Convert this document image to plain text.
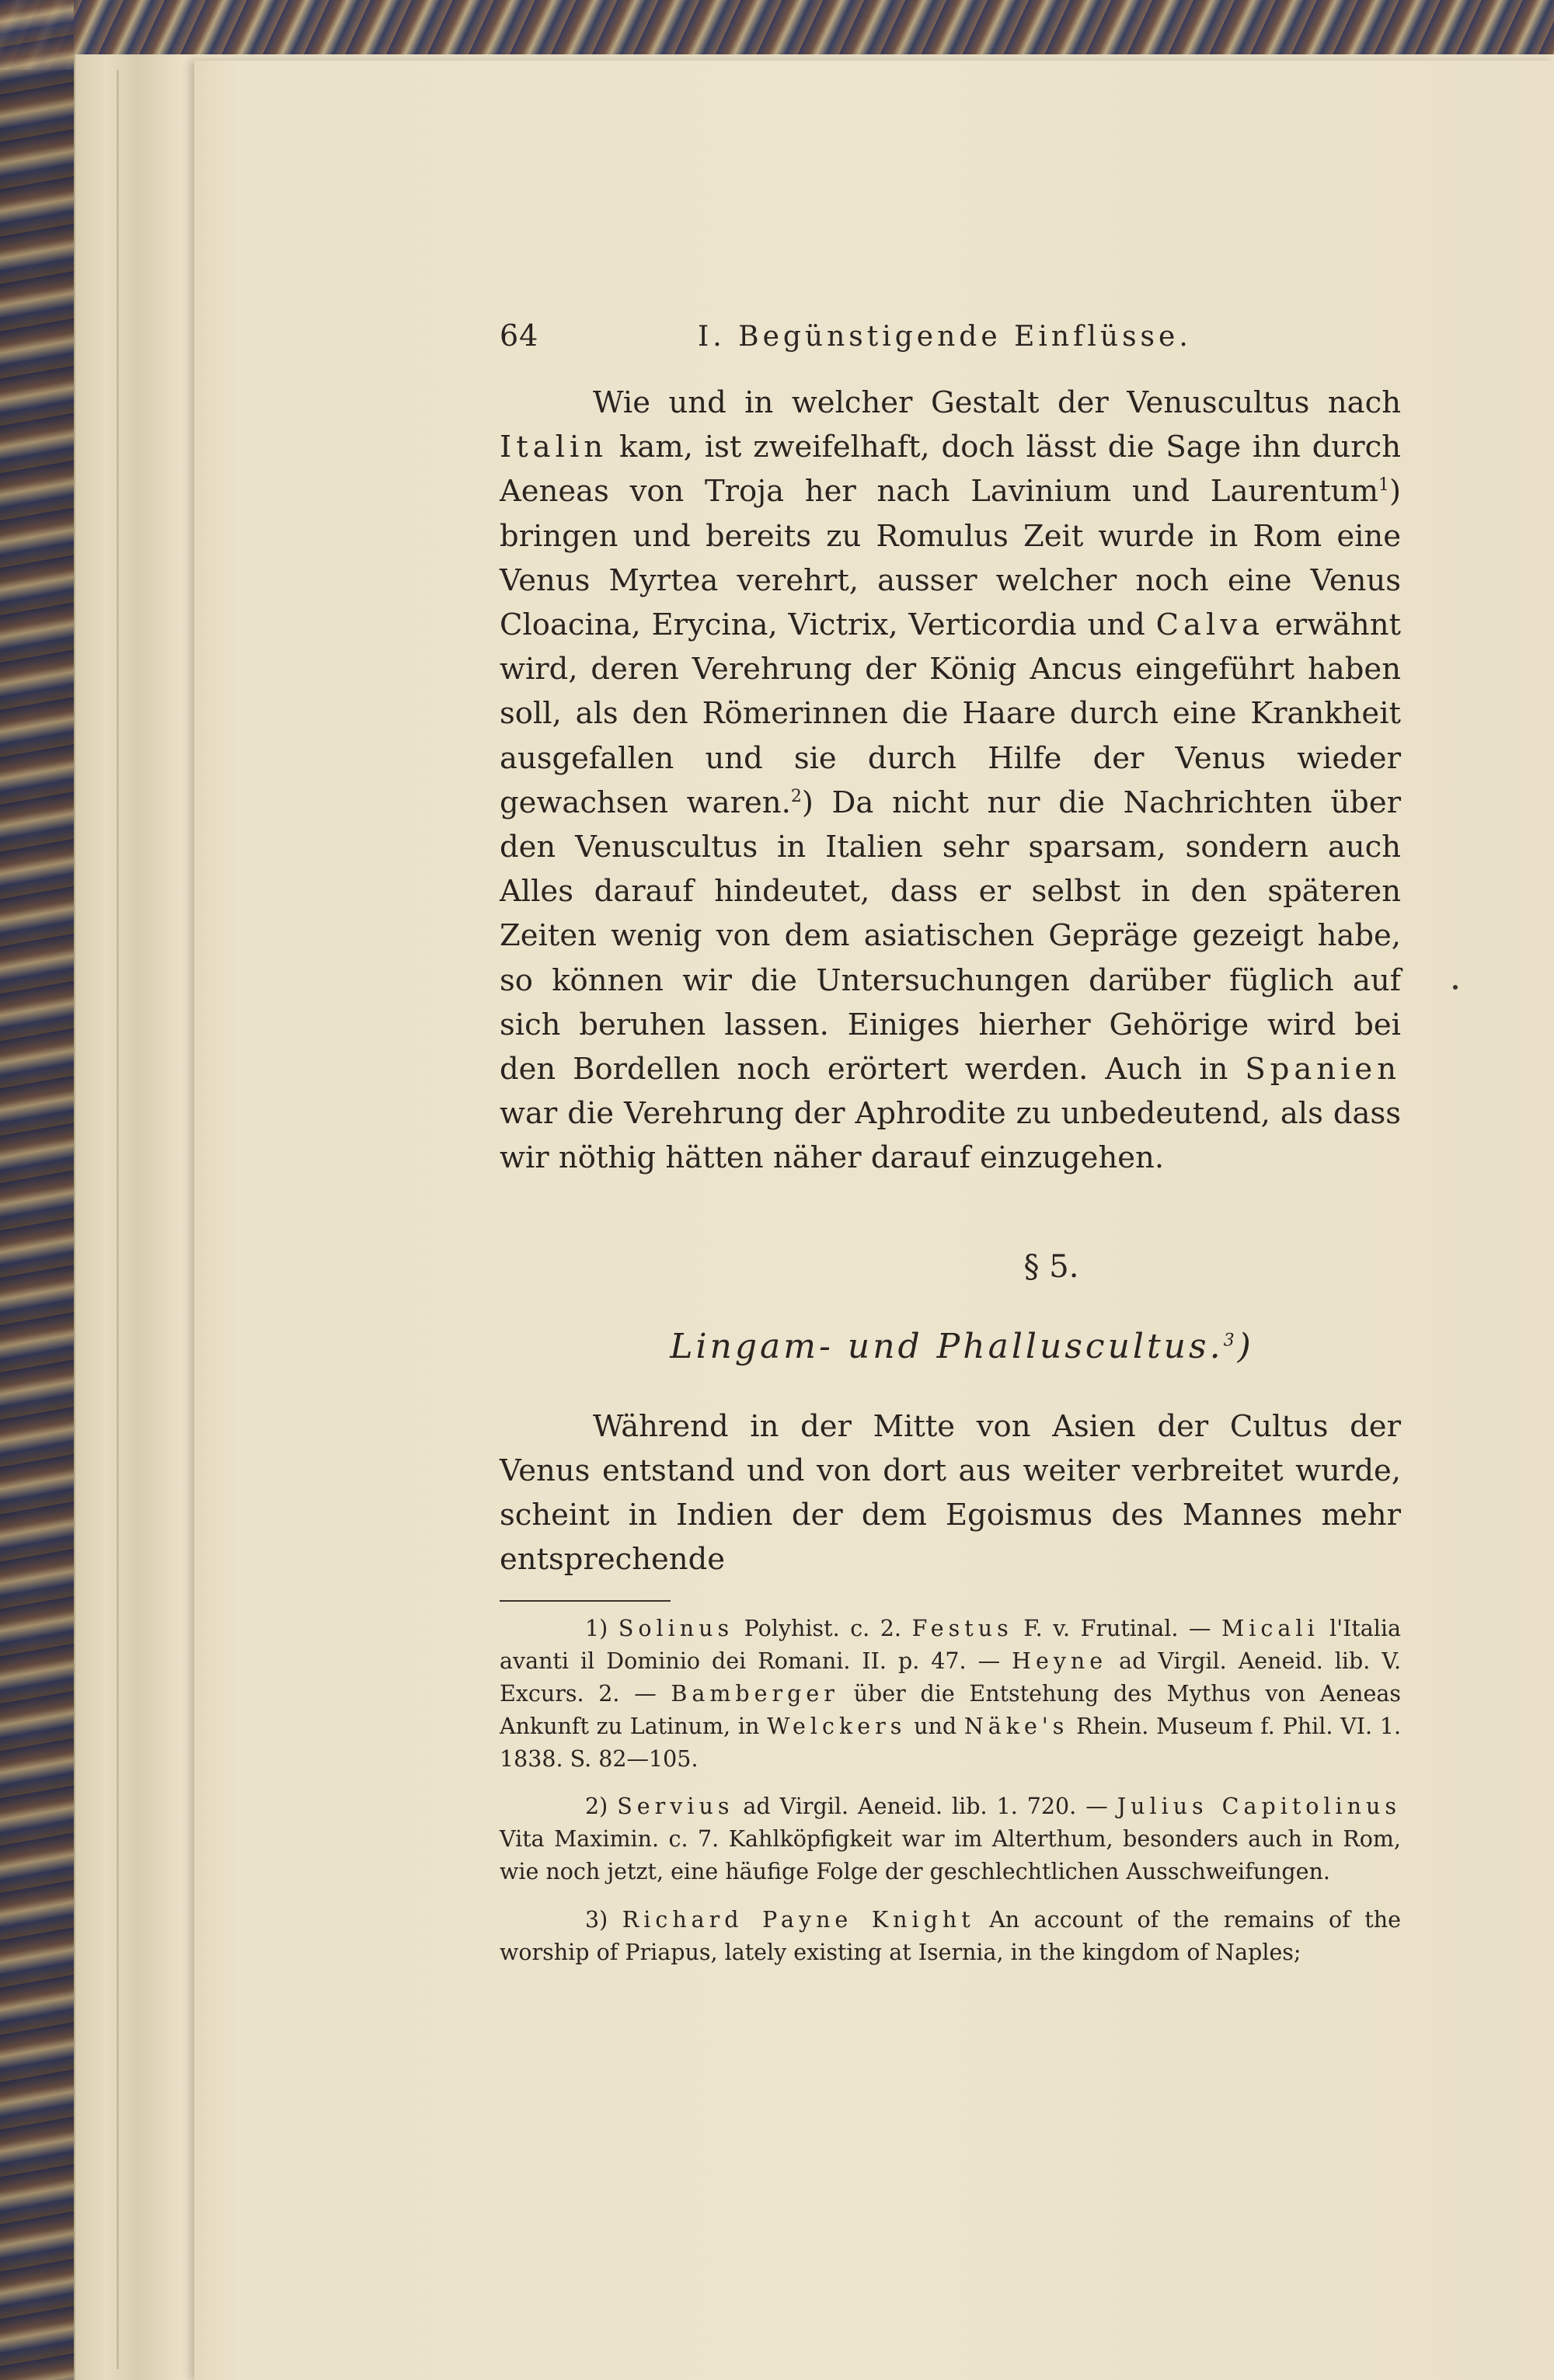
64	I. Begünstigende Einflüsse.

Wie und in welcher Gestalt der Venuscultus nach Italin kam, ist zweifelhaft, doch lässt die Sage ihn durch Aeneas von Troja her nach Lavinium und Laurentum$^1$) bringen und bereits zu Romulus Zeit wurde in Rom eine Venus Myrtea verehrt, ausser welcher noch eine Venus Cloacina, Erycina, Victrix, Verticordia und Calva erwähnt wird, deren Verehrung der König Ancus eingeführt haben soll, als den Römerinnen die Haare durch eine Krankheit ausgefallen und sie durch Hilfe der Venus wieder gewachsen waren.$^2$) Da nicht nur die Nachrichten über den Venuscultus in Italien sehr sparsam, sondern auch Alles darauf hindeutet, dass er selbst in den späteren Zeiten wenig von dem asiatischen Gepräge gezeigt habe, so können wir die Untersuchungen darüber füglich auf sich beruhen lassen. Einiges hierher Gehörige wird bei den Bordellen noch erörtert werden. Auch in Spanien war die Verehrung der Aphrodite zu unbedeutend, als dass wir nöthig hätten näher darauf einzugehen.

§ 5.
Lingam- und Phalluscultus.$^3$)

Während in der Mitte von Asien der Cultus der Venus entstand und von dort aus weiter verbreitet wurde, scheint in Indien der dem Egoismus des Mannes mehr entsprechende

1) Solinus Polyhist. c. 2. Festus F. v. Frutinal. — Micali l'Italia avanti il Dominio dei Romani. II. p. 47. — Heyne ad Virgil. Aeneid. lib. V. Excurs. 2. — Bamberger über die Entstehung des Mythus von Aeneas Ankunft zu Latinum, in Welckers und Näke's Rhein. Museum f. Phil. VI. 1. 1838. S. 82—105.

2) Servius ad Virgil. Aeneid. lib. 1. 720. — Julius Capitolinus Vita Maximin. c. 7. Kahlköpfigkeit war im Alterthum, besonders auch in Rom, wie noch jetzt, eine häufige Folge der geschlechtlichen Ausschweifungen.

3) Richard Payne Knight An account of the remains of the worship of Priapus, lately existing at Isernia, in the kingdom of Naples;
